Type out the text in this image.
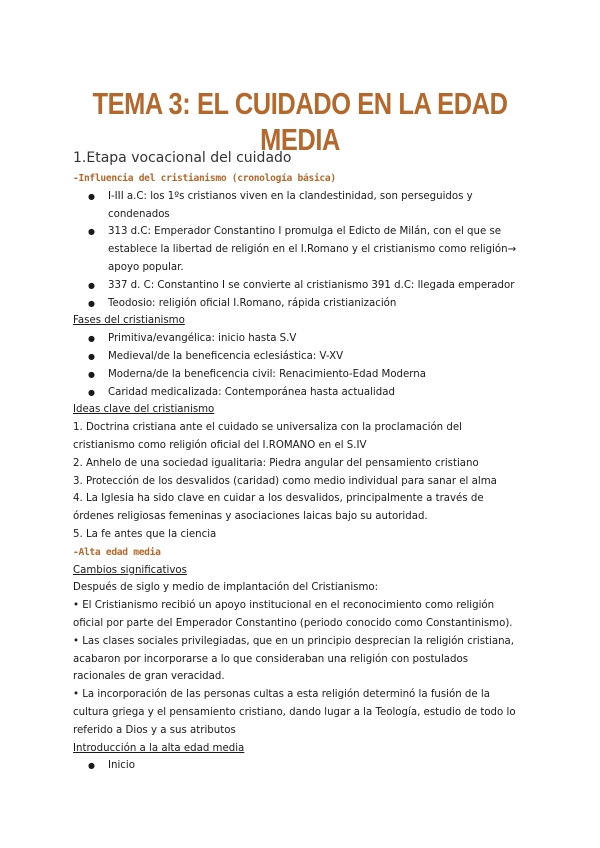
TEMA 3: EL CUIDADO EN LA EDAD MEDIA

1.Etapa vocacional del cuidado

-Influencia del cristianismo (cronología básica)

● I-III a.C: los 1ºs cristianos viven en la clandestinidad, son perseguidos y condenados
● 313 d.C: Emperador Constantino I promulga el Edicto de Milán, con el que se establece la libertad de religión en el I.Romano y el cristianismo como religión→ apoyo popular.
● 337 d. C: Constantino I se convierte al cristianismo 391 d.C: llegada emperador
● Teodosio: religión oficial I.Romano, rápida cristianización

Fases del cristianismo

● Primitiva/evangélica: inicio hasta S.V
● Medieval/de la beneficencia eclesiástica: V-XV
● Moderna/de la beneficencia civil: Renacimiento-Edad Moderna
● Caridad medicalizada: Contemporánea hasta actualidad

Ideas clave del cristianismo

1. Doctrina cristiana ante el cuidado se universaliza con la proclamación del cristianismo como religión oficial del I.ROMANO en el S.IV

2. Anhelo de una sociedad igualitaria: Piedra angular del pensamiento cristiano

3. Protección de los desvalidos (caridad) como medio individual para sanar el alma

4. La Iglesia ha sido clave en cuidar a los desvalidos, principalmente a través de órdenes religiosas femeninas y asociaciones laicas bajo su autoridad.

5. La fe antes que la ciencia

-Alta edad media

Cambios significativos

Después de siglo y medio de implantación del Cristianismo:

• El Cristianismo recibió un apoyo institucional en el reconocimiento como religión oficial por parte del Emperador Constantino (periodo conocido como Constantinismo).

• Las clases sociales privilegiadas, que en un principio desprecian la religión cristiana, acabaron por incorporarse a lo que consideraban una religión con postulados racionales de gran veracidad.

• La incorporación de las personas cultas a esta religión determinó la fusión de la cultura griega y el pensamiento cristiano, dando lugar a la Teología, estudio de todo lo referido a Dios y a sus atributos

Introducción a la alta edad media

● Inicio
